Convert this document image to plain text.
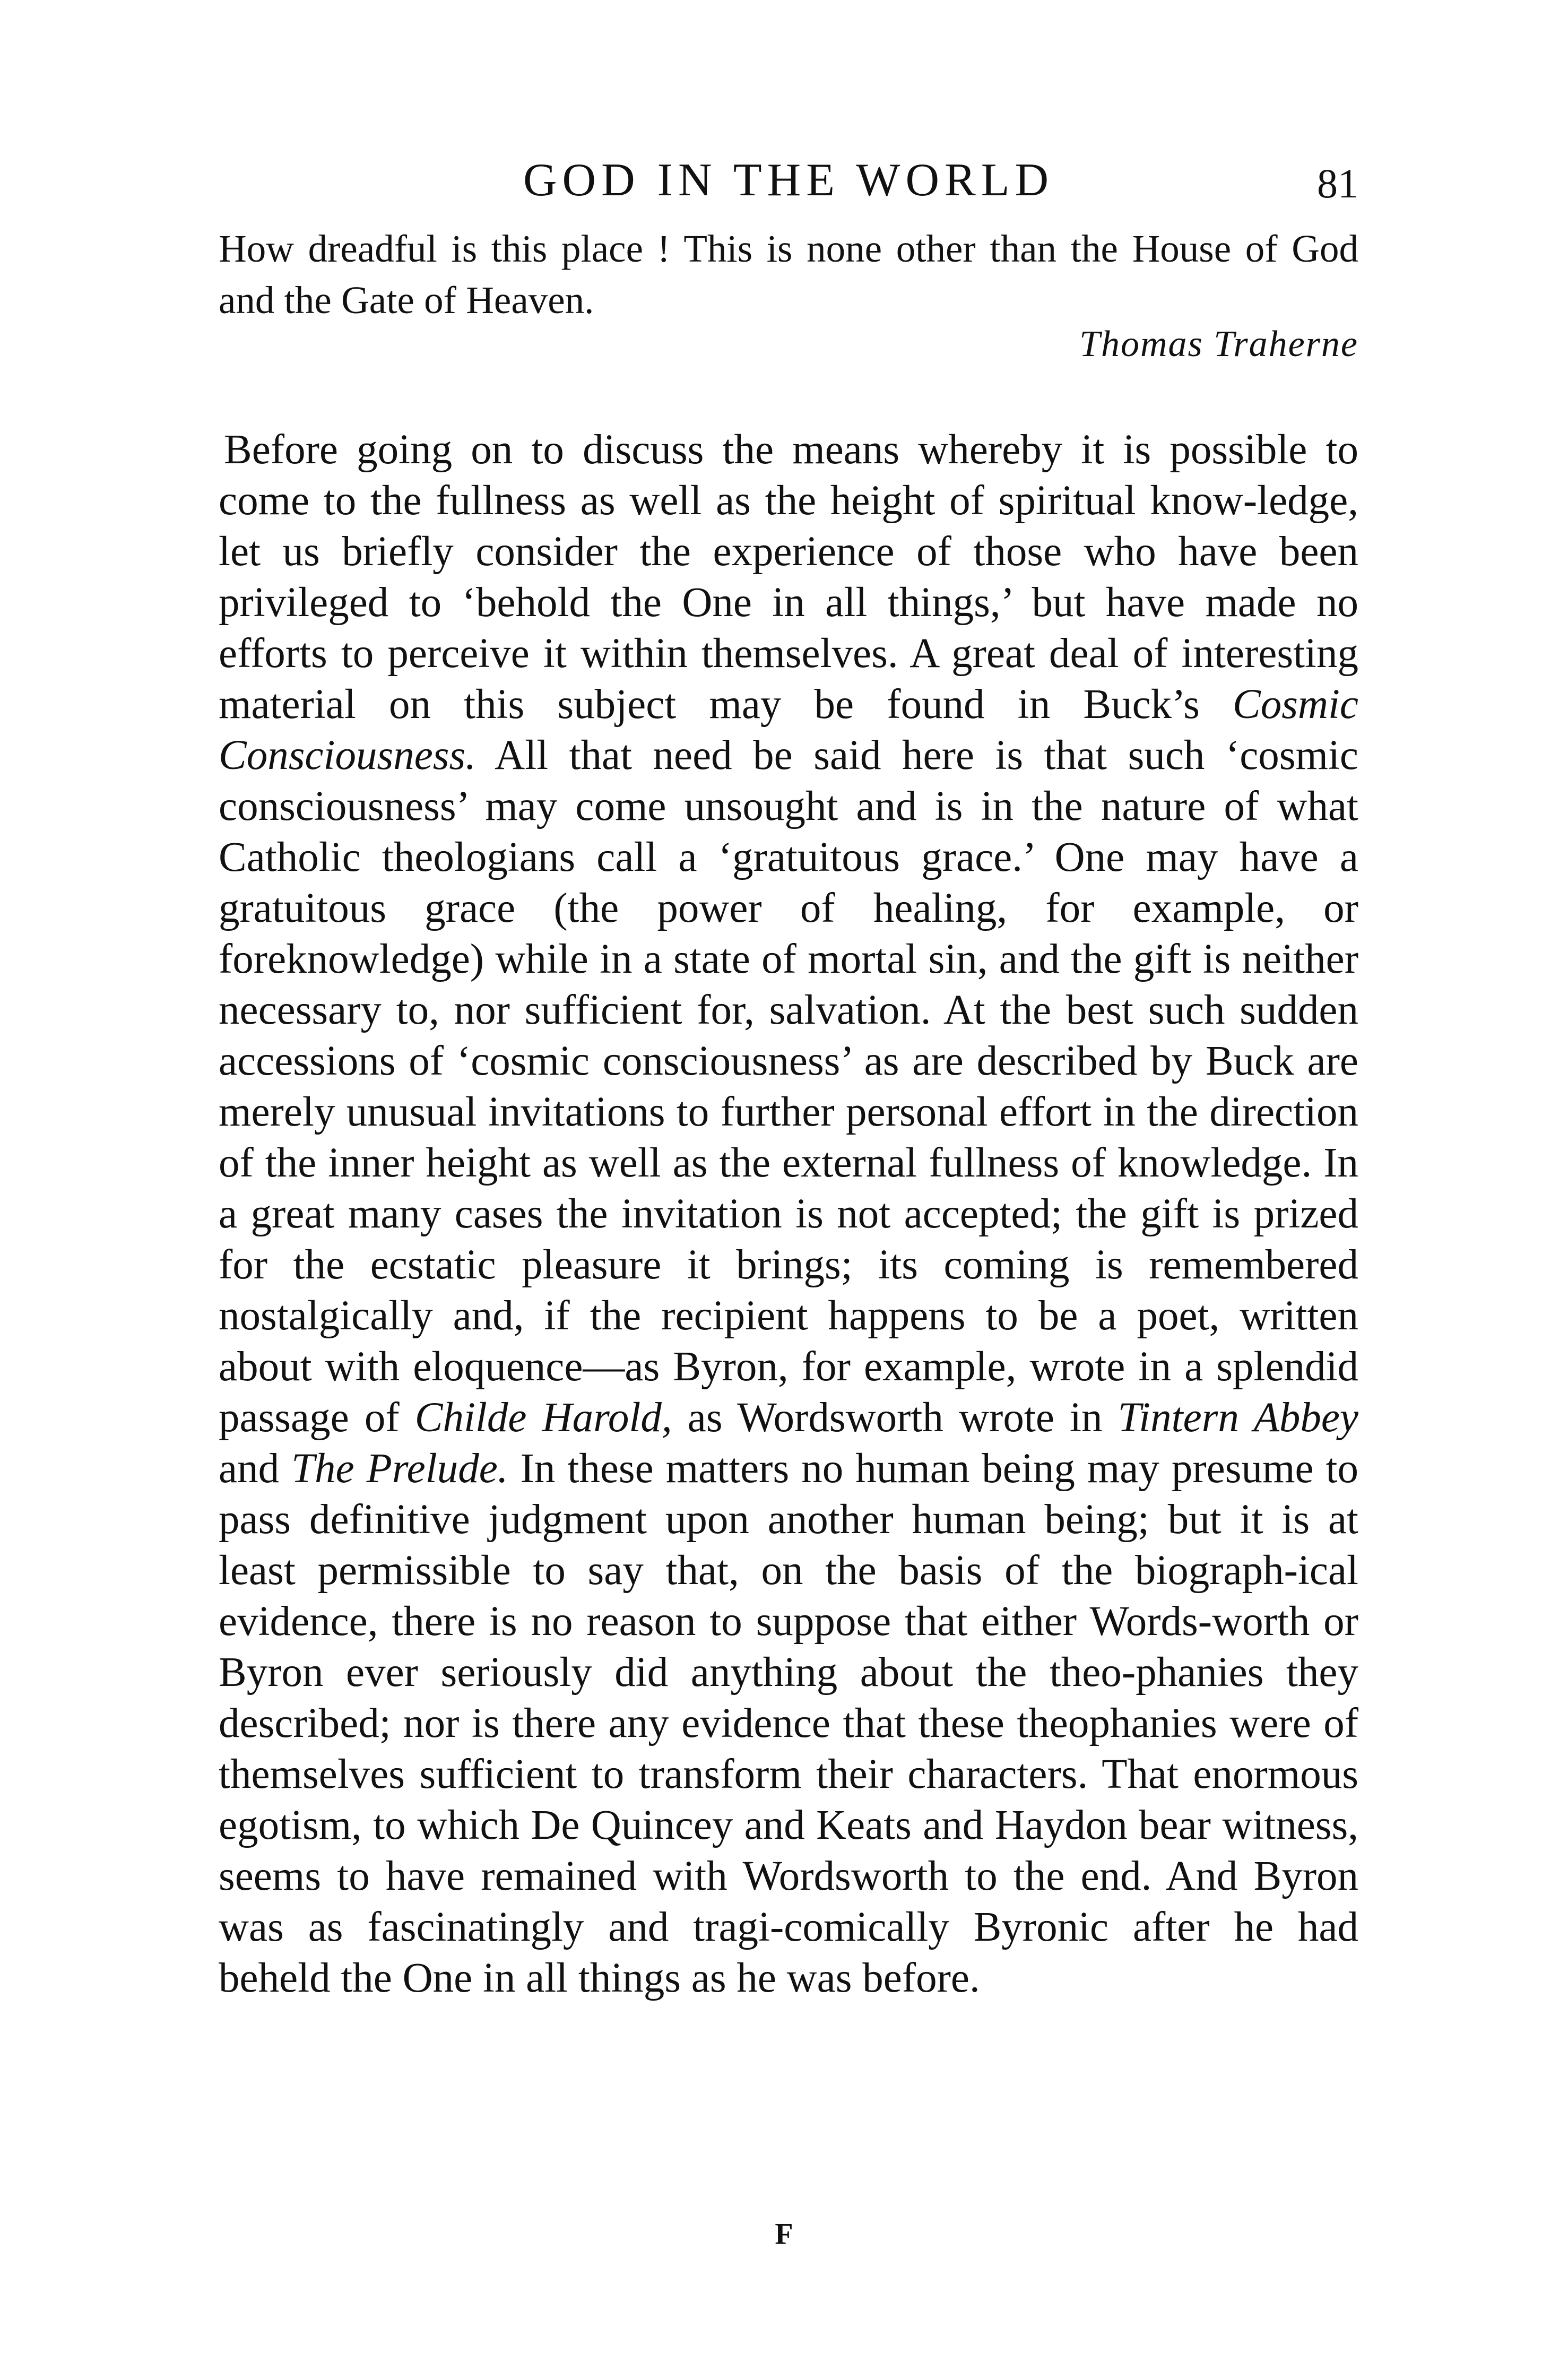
GOD IN THE WORLD	81

How dreadful is this place ! This is none other than the House of God and the Gate of Heaven.

Thomas Traherne

Before going on to discuss the means whereby it is possible to come to the fullness as well as the height of spiritual know-ledge, let us briefly consider the experience of those who have been privileged to ‘behold the One in all things,’ but have made no efforts to perceive it within themselves. A great deal of interesting material on this subject may be found in Buck’s Cosmic Consciousness. All that need be said here is that such ‘cosmic consciousness’ may come unsought and is in the nature of what Catholic theologians call a ‘gratuitous grace.’ One may have a gratuitous grace (the power of healing, for example, or foreknowledge) while in a state of mortal sin, and the gift is neither necessary to, nor sufficient for, salvation. At the best such sudden accessions of ‘cosmic consciousness’ as are described by Buck are merely unusual invitations to further personal effort in the direction of the inner height as well as the external fullness of knowledge. In a great many cases the invitation is not accepted; the gift is prized for the ecstatic pleasure it brings; its coming is remembered nostalgically and, if the recipient happens to be a poet, written about with eloquence—as Byron, for example, wrote in a splendid passage of Childe Harold, as Wordsworth wrote in Tintern Abbey and The Prelude. In these matters no human being may presume to pass definitive judgment upon another human being; but it is at least permissible to say that, on the basis of the biograph-ical evidence, there is no reason to suppose that either Words-worth or Byron ever seriously did anything about the theo-phanies they described; nor is there any evidence that these theophanies were of themselves sufficient to transform their characters. That enormous egotism, to which De Quincey and Keats and Haydon bear witness, seems to have remained with Wordsworth to the end. And Byron was as fascinatingly and tragi-comically Byronic after he had beheld the One in all things as he was before.

F
